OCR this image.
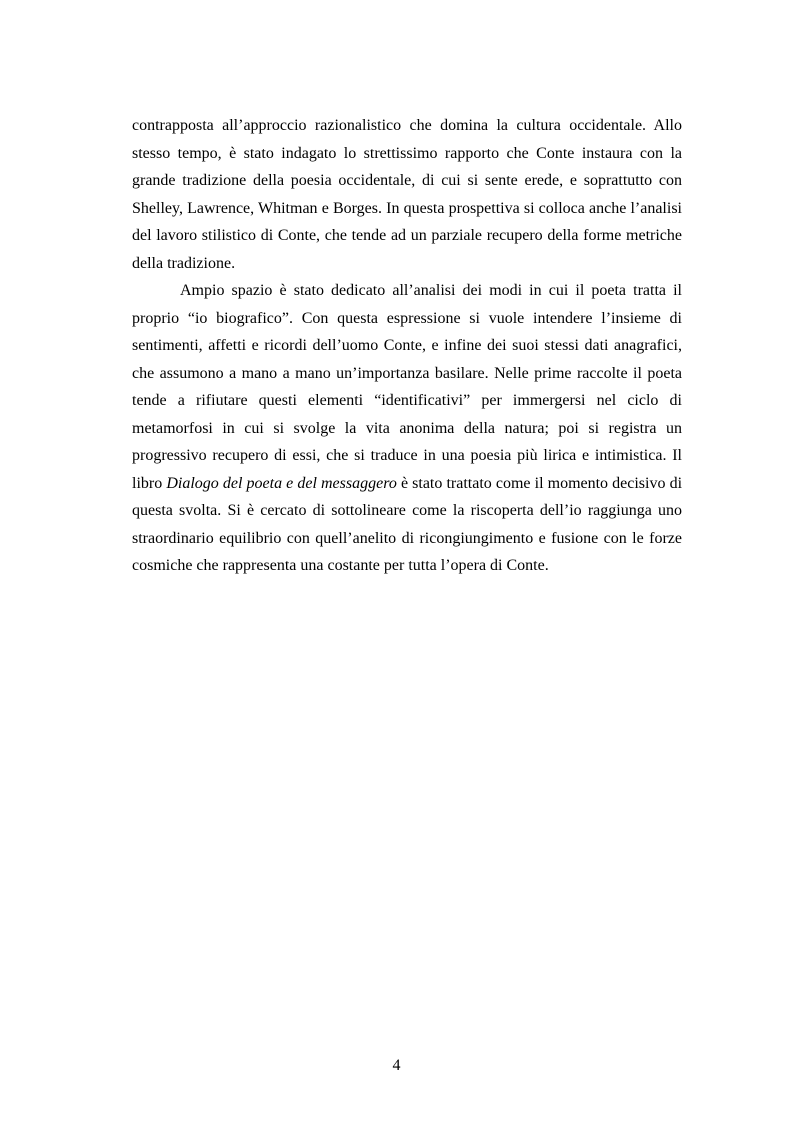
contrapposta all’approccio razionalistico che domina la cultura occidentale. Allo stesso tempo, è stato indagato lo strettissimo rapporto che Conte instaura con la grande tradizione della poesia occidentale, di cui si sente erede, e soprattutto con Shelley, Lawrence, Whitman e Borges. In questa prospettiva si colloca anche l’analisi del lavoro stilistico di Conte, che tende ad un parziale recupero della forme metriche della tradizione.

Ampio spazio è stato dedicato all’analisi dei modi in cui il poeta tratta il proprio “io biografico”. Con questa espressione si vuole intendere l’insieme di sentimenti, affetti e ricordi dell’uomo Conte, e infine dei suoi stessi dati anagrafici, che assumono a mano a mano un’importanza basilare. Nelle prime raccolte il poeta tende a rifiutare questi elementi “identificativi” per immergersi nel ciclo di metamorfosi in cui si svolge la vita anonima della natura; poi si registra un progressivo recupero di essi, che si traduce in una poesia più lirica e intimistica. Il libro Dialogo del poeta e del messaggero è stato trattato come il momento decisivo di questa svolta. Si è cercato di sottolineare come la riscoperta dell’io raggiunga uno straordinario equilibrio con quell’anelito di ricongiungimento e fusione con le forze cosmiche che rappresenta una costante per tutta l’opera di Conte.

4
